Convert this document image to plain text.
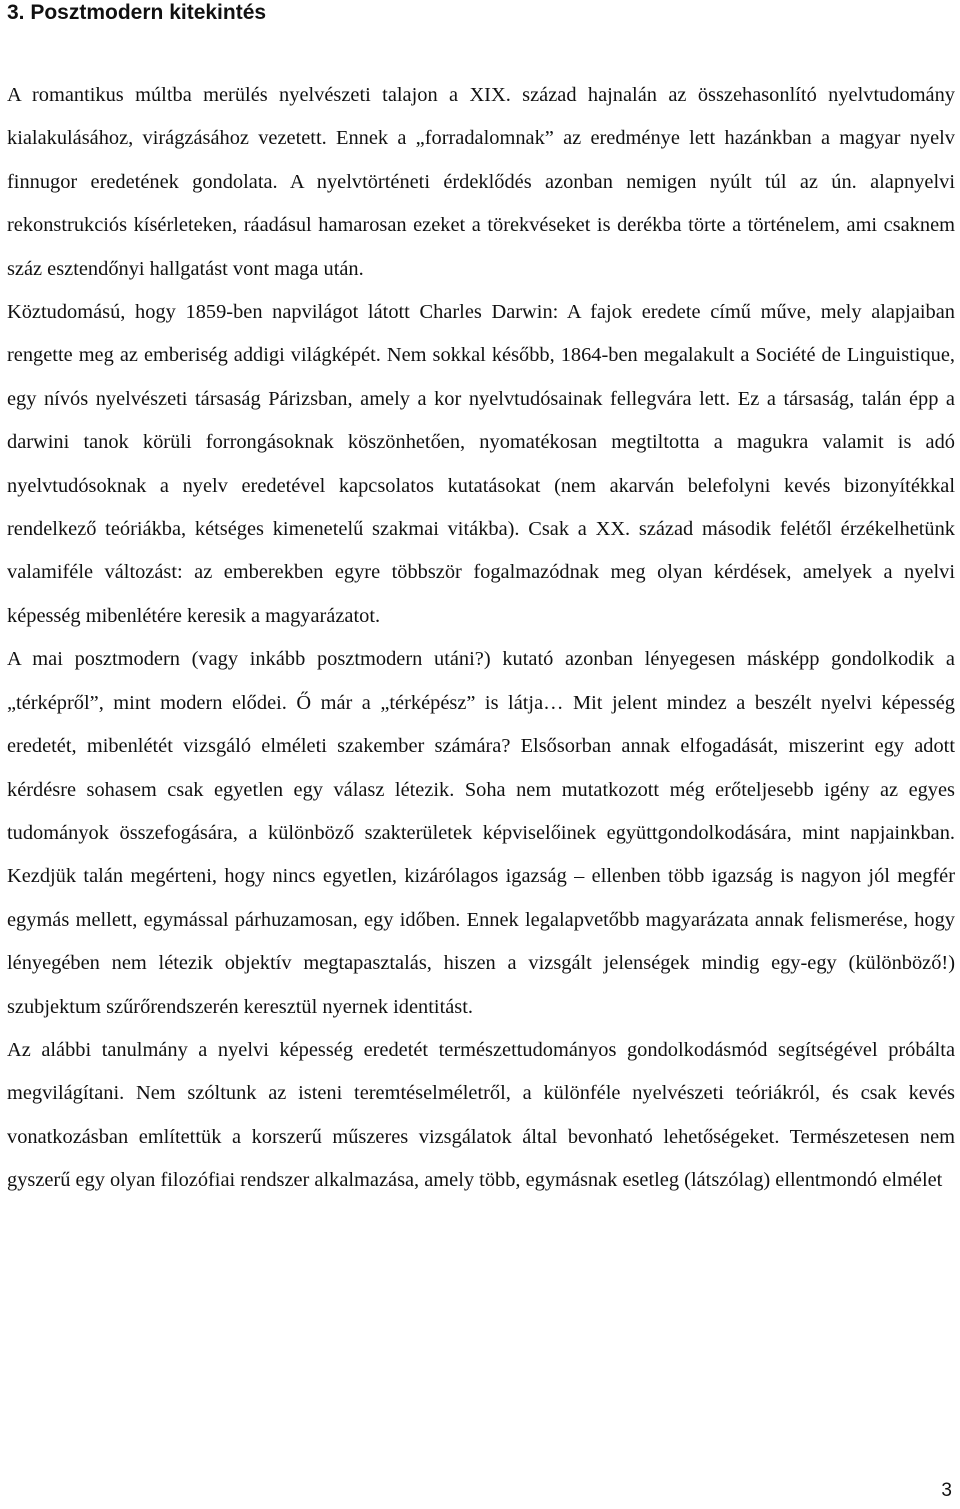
3. Posztmodern kitekintés

A romantikus múltba merülés nyelvészeti talajon a XIX. század hajnalán az összehasonlító nyelvtudomány kialakulásához, virágzásához vezetett. Ennek a „forradalomnak” az eredménye lett hazánkban a magyar nyelv finnugor eredetének gondolata. A nyelvtörténeti érdeklődés azonban nemigen nyúlt túl az ún. alapnyelvi rekonstrukciós kísérleteken, ráadásul hamarosan ezeket a törekvéseket is derékba törte a történelem, ami csaknem száz esztendőnyi hallgatást vont maga után.

Köztudomású, hogy 1859-ben napvilágot látott Charles Darwin: A fajok eredete című műve, mely alapjaiban rengette meg az emberiség addigi világképét. Nem sokkal később, 1864-ben megalakult a Société de Linguistique, egy nívós nyelvészeti társaság Párizsban, amely a kor nyelvtudósainak fellegvára lett. Ez a társaság, talán épp a darwini tanok körüli forrongásoknak köszönhetően, nyomatékosan megtiltotta a magukra valamit is adó nyelvtudósoknak a nyelv eredetével kapcsolatos kutatásokat (nem akarván belefolyni kevés bizonyítékkal rendelkező teóriákba, kétséges kimenetelű szakmai vitákba). Csak a XX. század második felétől érzékelhetünk valamiféle változást: az emberekben egyre többször fogalmazódnak meg olyan kérdések, amelyek a nyelvi képesség mibenlétére keresik a magyarázatot.

A mai posztmodern (vagy inkább posztmodern utáni?) kutató azonban lényegesen másképp gondolkodik a „térképről”, mint modern elődei. Ő már a „térképész” is látja… Mit jelent mindez a beszélt nyelvi képesség eredetét, mibenlétét vizsgáló elméleti szakember számára? Elsősorban annak elfogadását, miszerint egy adott kérdésre sohasem csak egyetlen egy válasz létezik. Soha nem mutatkozott még erőteljesebb igény az egyes tudományok összefogására, a különböző szakterületek képviselőinek együttgondolkodására, mint napjainkban. Kezdjük talán megérteni, hogy nincs egyetlen, kizárólagos igazság – ellenben több igazság is nagyon jól megfér egymás mellett, egymással párhuzamosan, egy időben. Ennek legalapvetőbb magyarázata annak felismerése, hogy lényegében nem létezik objektív megtapasztalás, hiszen a vizsgált jelenségek mindig egy-egy (különböző!) szubjektum szűrőrendszerén keresztül nyernek identitást.

Az alábbi tanulmány a nyelvi képesség eredetét természettudományos gondolkodásmód segítségével próbálta megvilágítani. Nem szóltunk az isteni teremtéselméletről, a különféle nyelvészeti teóriákról, és csak kevés vonatkozásban említettük a korszerű műszeres vizsgálatok által bevonható lehetőségeket. Természetesen nem gyszerű egy olyan filozófiai rendszer alkalmazása, amely több, egymásnak esetleg (látszólag) ellentmondó elmélet

3
